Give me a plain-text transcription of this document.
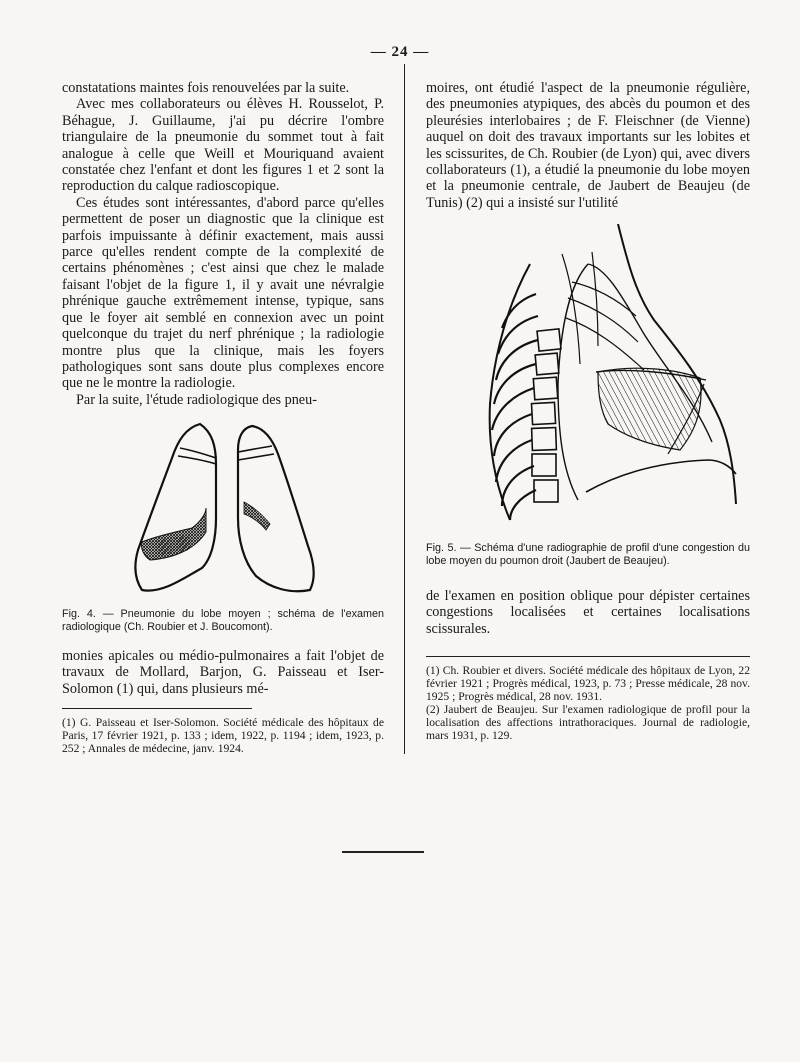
— 24 —

constatations maintes fois renouvelées par la suite.

Avec mes collaborateurs ou élèves H. Rousselot, P. Béhague, J. Guillaume, j'ai pu décrire l'ombre triangulaire de la pneumonie du sommet tout à fait analogue à celle que Weill et Mouriquand avaient constatée chez l'enfant et dont les figures 1 et 2 sont la reproduction du calque radioscopique.

Ces études sont intéressantes, d'abord parce qu'elles permettent de poser un diagnostic que la clinique est parfois impuissante à définir exactement, mais aussi parce qu'elles rendent compte de la complexité de certains phénomènes ; c'est ainsi que chez le malade faisant l'objet de la figure 1, il y avait une névralgie phrénique gauche extrêmement intense, typique, sans que le foyer ait semblé en connexion avec un point quelconque du trajet du nerf phrénique ; la radiologie montre plus que la clinique, mais les foyers pathologiques sont sans doute plus complexes encore que ne le montre la radiologie.

Par la suite, l'étude radiologique des pneu-

Fig. 4. — Pneumonie du lobe moyen ; schéma de l'examen radiologique (Ch. Roubier et J. Boucomont).

monies apicales ou médio-pulmonaires a fait l'objet de travaux de Mollard, Barjon, G. Paisseau et Iser-Solomon (1) qui, dans plusieurs mé-

(1) G. Paisseau et Iser-Solomon. Société médicale des hôpitaux de Paris, 17 février 1921, p. 133 ; idem, 1922, p. 1194 ; idem, 1923, p. 252 ; Annales de médecine, janv. 1924.

moires, ont étudié l'aspect de la pneumonie régulière, des pneumonies atypiques, des abcès du poumon et des pleurésies interlobaires ; de F. Fleischner (de Vienne) auquel on doit des travaux importants sur les lobites et les scissurites, de Ch. Roubier (de Lyon) qui, avec divers collaborateurs (1), a étudié la pneumonie du lobe moyen et la pneumonie centrale, de Jaubert de Beaujeu (de Tunis) (2) qui a insisté sur l'utilité

Fig. 5. — Schéma d'une radiographie de profil d'une congestion du lobe moyen du poumon droit (Jaubert de Beaujeu).

de l'examen en position oblique pour dépister certaines congestions localisées et certaines localisations scissurales.

(1) Ch. Roubier et divers. Société médicale des hôpitaux de Lyon, 22 février 1921 ; Progrès médical, 1923, p. 73 ; Presse médicale, 28 nov. 1925 ; Progrès médical, 28 nov. 1931.

(2) Jaubert de Beaujeu. Sur l'examen radiologique de profil pour la localisation des affections intrathoraciques. Journal de radiologie, mars 1931, p. 129.
